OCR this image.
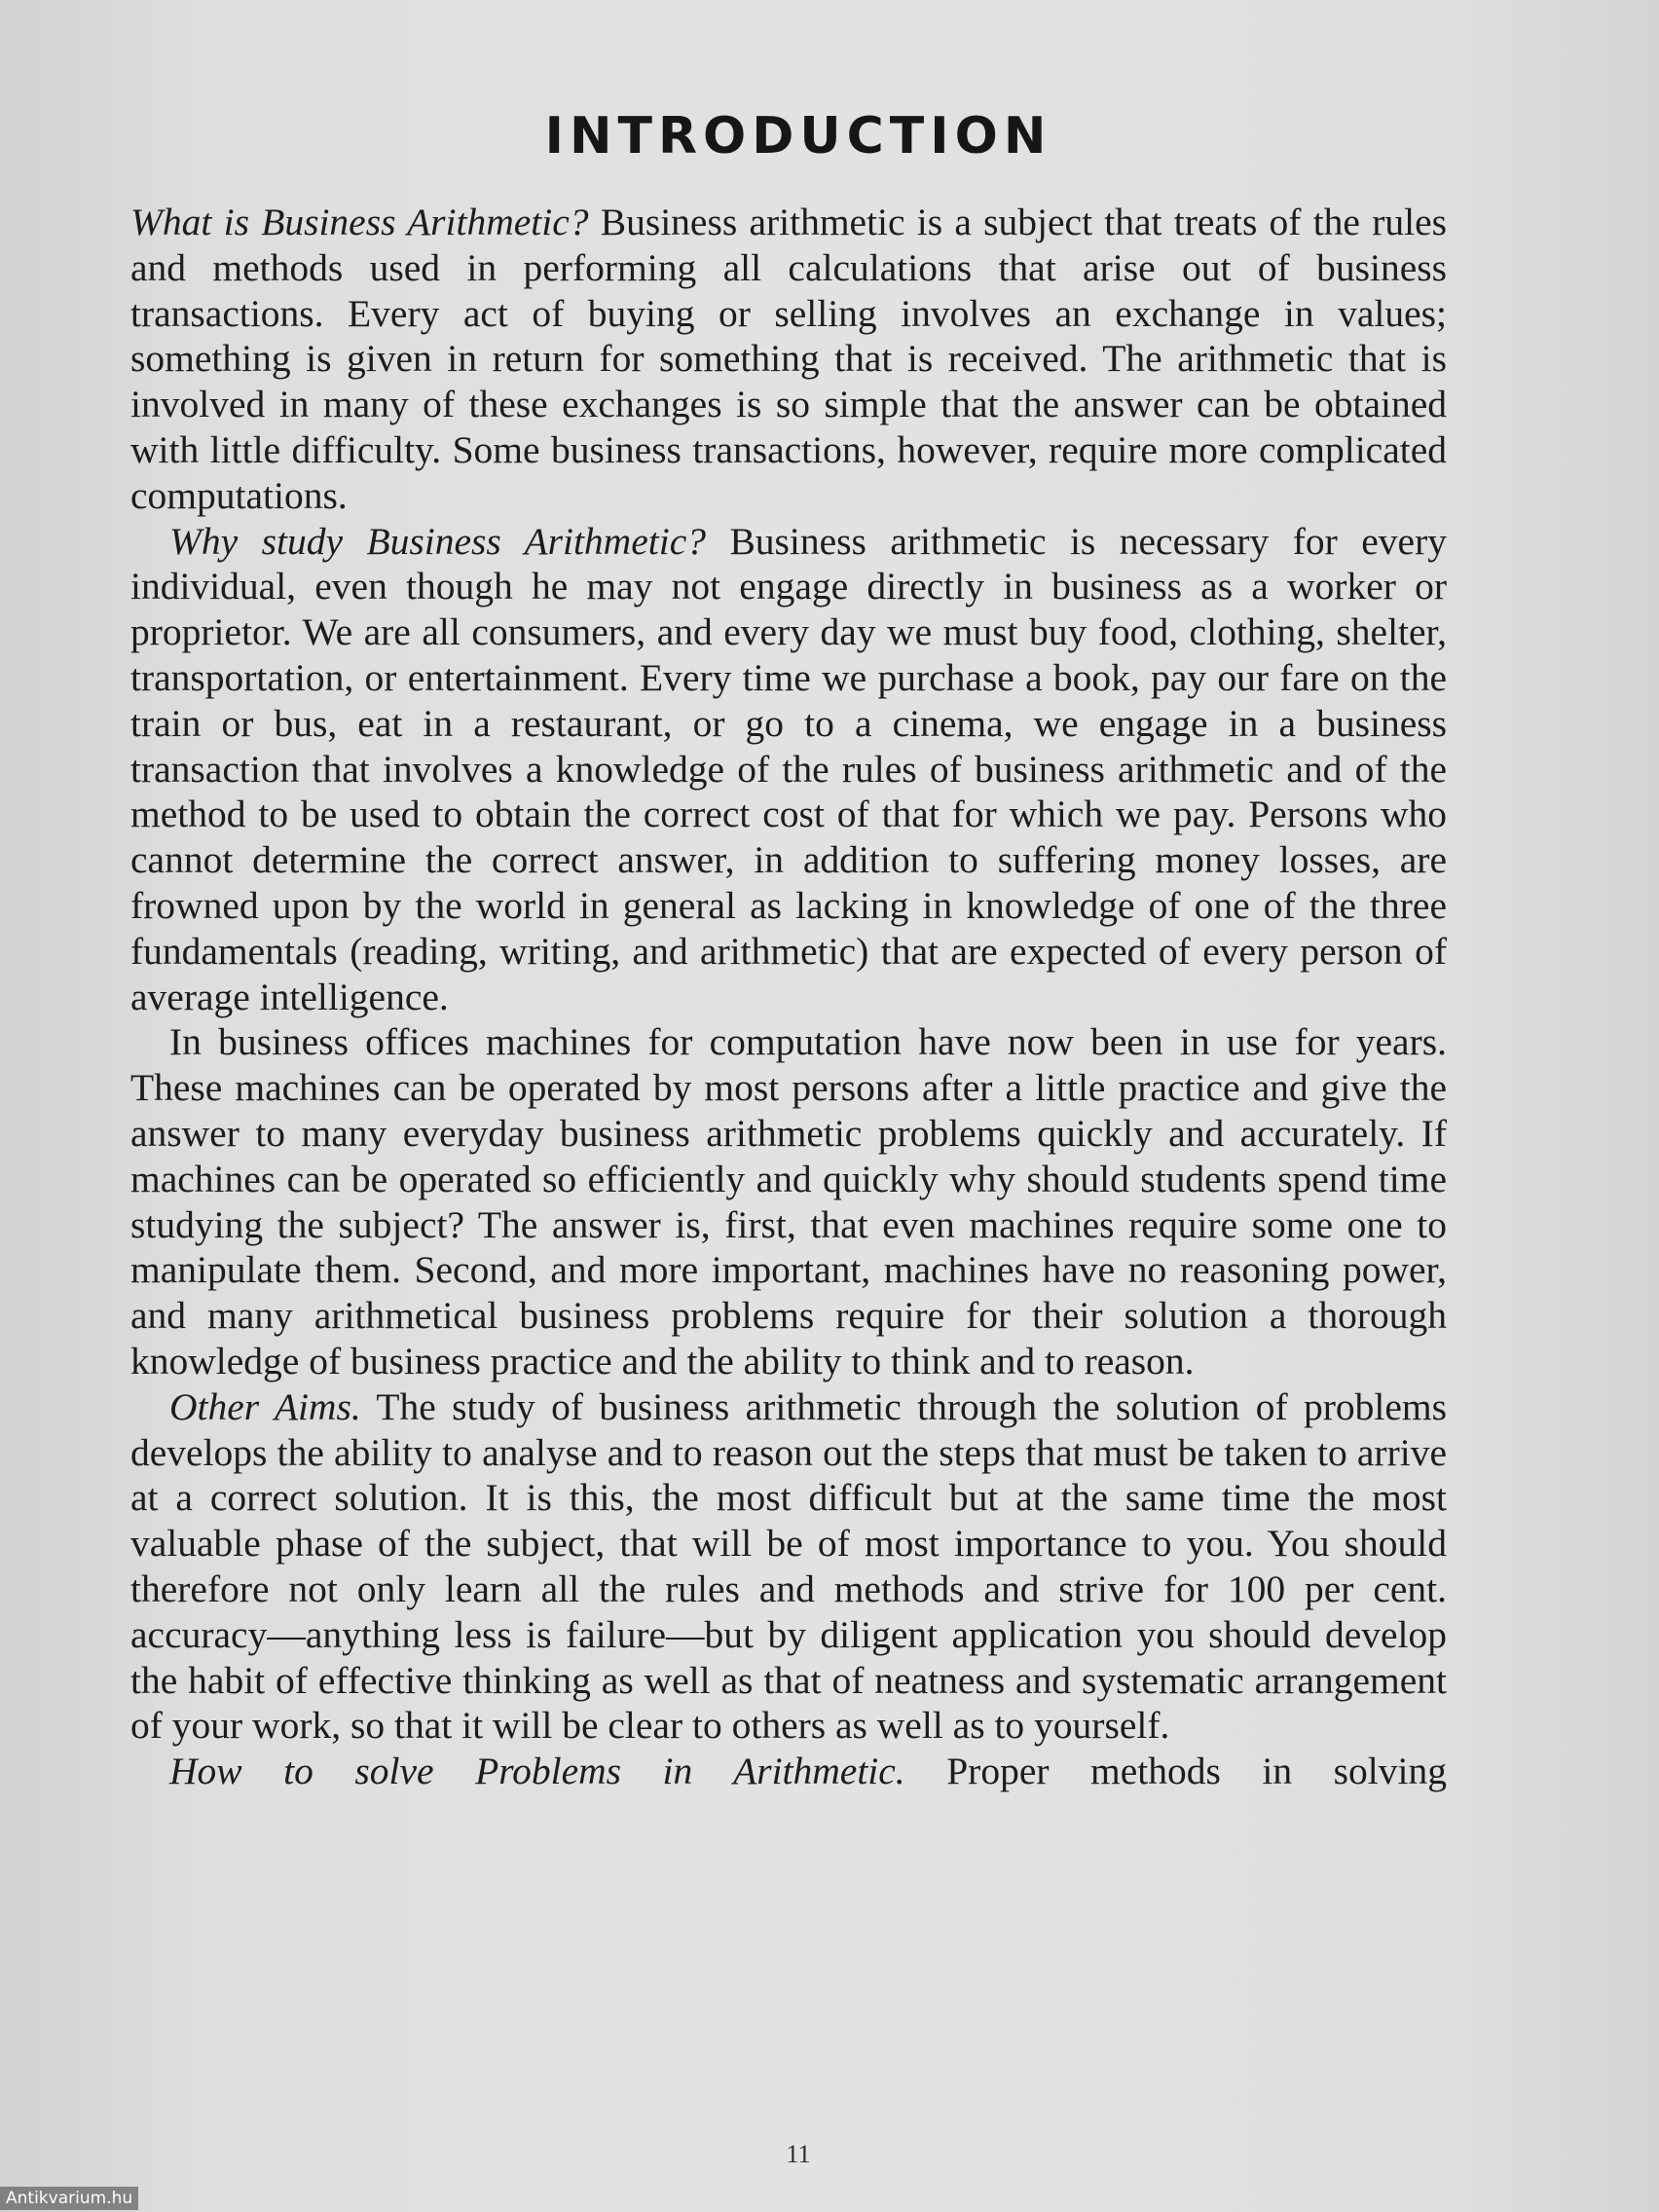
INTRODUCTION

What is Business Arithmetic? Business arithmetic is a subject that treats of the rules and methods used in performing all calculations that arise out of business transactions. Every act of buying or selling involves an exchange in values; something is given in return for something that is received. The arithmetic that is involved in many of these exchanges is so simple that the answer can be obtained with little difficulty. Some business transactions, however, require more complicated computations.

Why study Business Arithmetic? Business arithmetic is necessary for every individual, even though he may not engage directly in business as a worker or proprietor. We are all consumers, and every day we must buy food, clothing, shelter, transportation, or entertainment. Every time we purchase a book, pay our fare on the train or bus, eat in a restaurant, or go to a cinema, we engage in a business transaction that involves a knowledge of the rules of business arithmetic and of the method to be used to obtain the correct cost of that for which we pay. Persons who cannot determine the correct answer, in addition to suffering money losses, are frowned upon by the world in general as lacking in knowledge of one of the three fundamentals (reading, writing, and arithmetic) that are expected of every person of average intelligence.

In business offices machines for computation have now been in use for years. These machines can be operated by most persons after a little practice and give the answer to many everyday business arithmetic problems quickly and accurately. If machines can be operated so efficiently and quickly why should students spend time studying the subject? The answer is, first, that even machines require some one to manipulate them. Second, and more important, machines have no reasoning power, and many arithmetical business problems require for their solution a thorough knowledge of business practice and the ability to think and to reason.

Other Aims. The study of business arithmetic through the solution of problems develops the ability to analyse and to reason out the steps that must be taken to arrive at a correct solution. It is this, the most difficult but at the same time the most valuable phase of the subject, that will be of most importance to you. You should therefore not only learn all the rules and methods and strive for 100 per cent. accuracy—anything less is failure—but by diligent application you should develop the habit of effective thinking as well as that of neatness and systematic arrangement of your work, so that it will be clear to others as well as to yourself.

How to solve Problems in Arithmetic. Proper methods in solving

11
Antikvarium.hu
